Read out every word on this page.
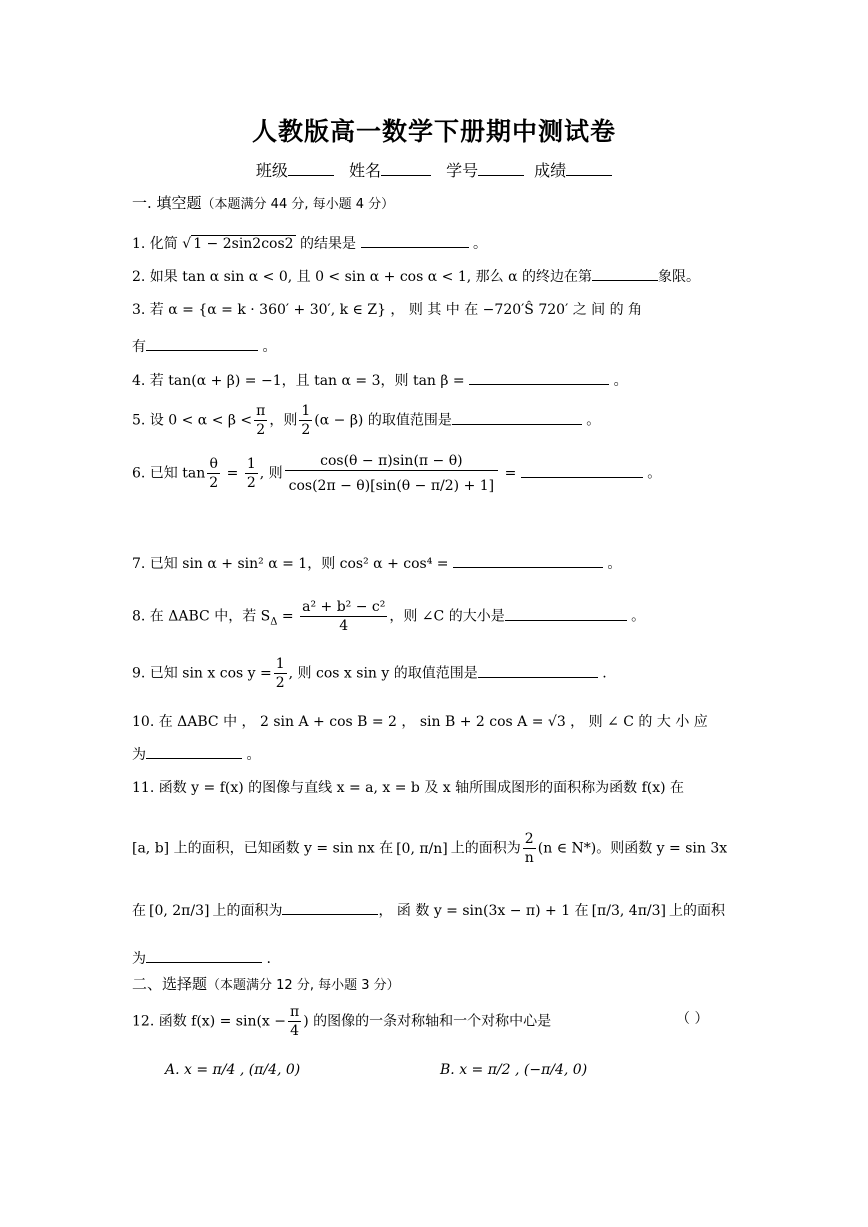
人教版高一数学下册期中测试卷
班级	姓名	学号	成绩
一. 填空题（本题满分 44 分, 每小题 4 分）
1. 化简 √ 1 − 2sin2cos2 的结果是	。
2. 如果 tan α sin α < 0, 且 0 < sin α + cos α < 1, 那么 α 的终边在第	象限。
3. 若 α = {α = k · 360′ + 30′, k ∈ Z} ， 则 其 中 在 −720′Ŝ 720′ 之 间 的 角
有	。
4. 若 tan(α + β) = −1，且 tan α = 3，则 tan β =	。
5. 设 $0 < \alpha < \beta < \frac{\pi}{2}$ ，则 $\frac{1}{2} (\alpha - \beta)$ 的取值范围是	。
6. 已知 $\tan \frac{\theta}{2} = \frac{1}{2}$ , 则 $\frac{\cos(\theta - \pi)\sin(\pi - \theta)}{\cos(2\pi - \theta)[\sin(\theta - \pi/2) + 1]}$ =	。
7. 已知 sin α + sin² α = 1，则 cos² α + cos⁴ =	。
8. 在 ΔABC 中，若 $S_\Delta = \frac{\text{a² + b² − c²}}{4}$ ，则 ∠C 的大小是	。
9. 已知 sin x $\cos y = \frac{1}{2}$ , 则 cos x sin y 的取值范围是	.
10. 在 ΔABC 中 ， 2 sin A + cos B = 2 ， sin B + 2 cos A = √3 ， 则 ∠ C 的 大 小 应
为	。
11. 函数 y = f(x) 的图像与直线 x = a, x = b 及 x 轴所围成图形的面积称为函数 f(x) 在
[a, b] 上的面积，已知函数 y = sin nx 在 [0, π/n] 上的面积为 $\frac{2}{n} (n$ ∈ N*)。则函数 y = sin 3x
在 [0, 2π/3] 上的面积为	， 函 数 y = sin(3x − π) + 1 在 [π/3, 4π/3] 上的面积
为	.
二、选择题（本题满分 12 分, 每小题 3 分）
12. 函数 $f(x) = \sin(x - \frac{\pi}{4}$ ) 的图像的一条对称轴和一个对称中心是	（ ）
A. x = π/4 , (π/4, 0)	B. x = π/2 , (−π/4, 0)
